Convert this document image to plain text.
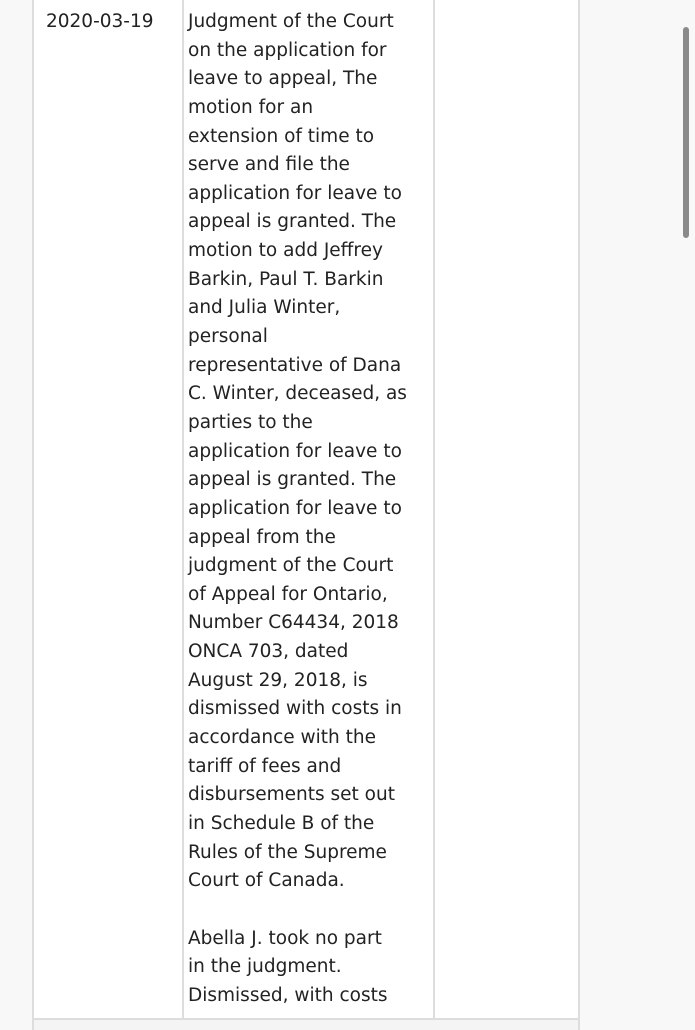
2020-03-19 Judgment of the Court
on the application for
leave to appeal, The
motion for an
extension of time to
serve and file the
application for leave to
appeal is granted. The
motion to add Jeffrey
Barkin, Paul T. Barkin
and Julia Winter,
personal
representative of Dana
C. Winter, deceased, as
parties to the
application for leave to
appeal is granted. The
application for leave to
appeal from the
judgment of the Court
of Appeal for Ontario,
Number C64434, 2018
ONCA 703, dated
August 29, 2018, is
dismissed with costs in
accordance with the
tariff of fees and
disbursements set out
in Schedule B of the
Rules of the Supreme
Court of Canada.
Abella J. took no part
in the judgment.
Dismissed, with costs
